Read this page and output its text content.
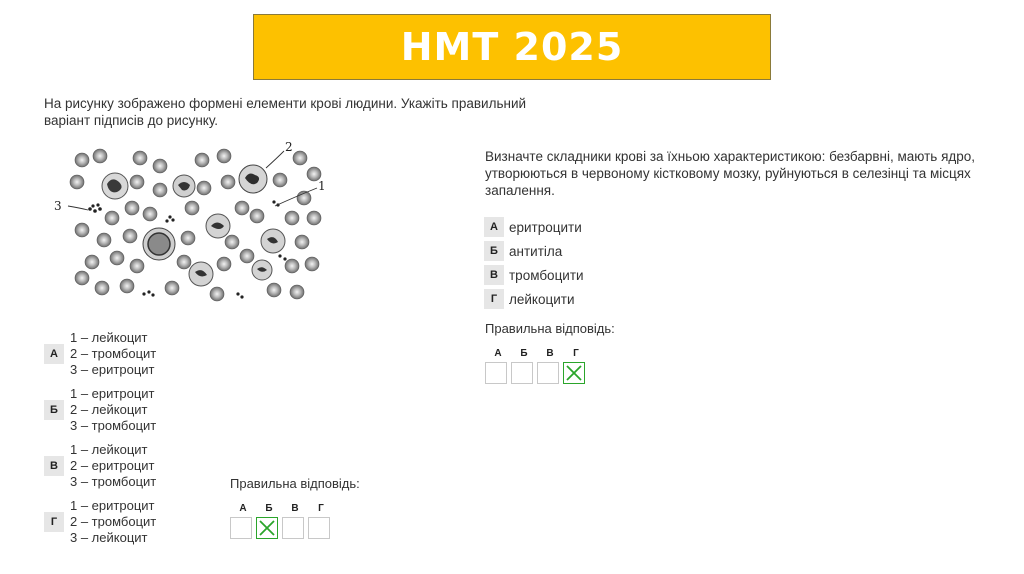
НМТ 2025
На рисунку зображено формені елементи крові людини. Укажіть правильний
варіант підписів до рисунку.
2
1
3
А
1 – лейкоцит
2 – тромбоцит
3 – еритроцит
Б
1 – еритроцит
2 – лейкоцит
3 – тромбоцит
В
1 – лейкоцит
2 – еритроцит
3 – тромбоцит
Г
1 – еритроцит
2 – тромбоцит
3 – лейкоцит
Правильна відповідь:
А	Б	В	Г
Визначте складники крові за їхньою характеристикою: безбарвні, мають ядро,
утворюються в червоному кістковому мозку, руйнуються в селезінці та місцях
запалення.
А еритроцити
Б антитіла
В тромбоцити
Г лейкоцити
Правильна відповідь:
А	Б	В	Г
